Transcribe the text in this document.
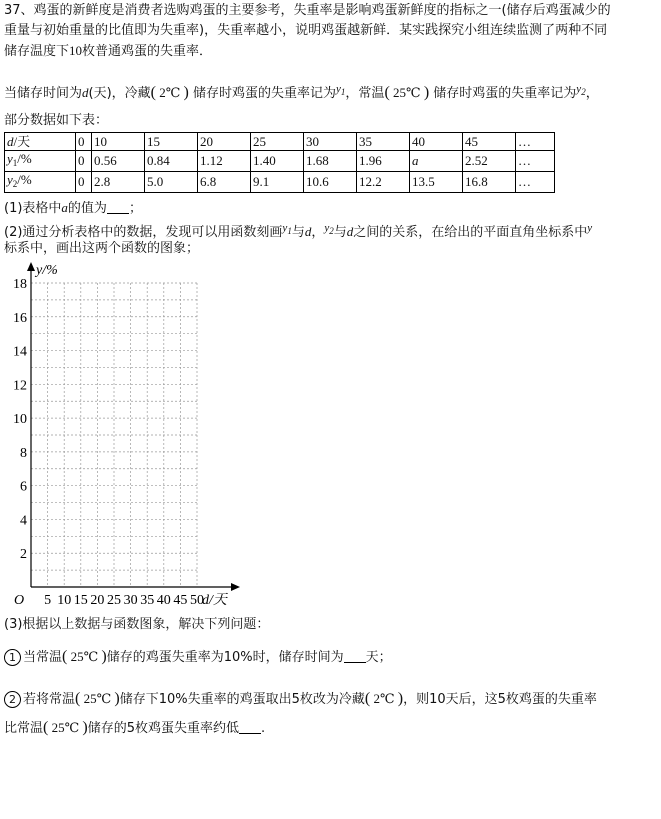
37、鸡蛋的新鲜度是消费者选购鸡蛋的主要参考，失重率是影响鸡蛋新鲜度的指标之一(储存后鸡蛋减少的
重量与初始重量的比值即为失重率)，失重率越小，说明鸡蛋越新鲜．某实践探究小组连续监测了两种不同
储存温度下10枚普通鸡蛋的失重率．
当储存时间为d(天)，冷藏( 2℃ ) 储存时鸡蛋的失重率记为$^{y_1}$，常温( 25℃ ) 储存时鸡蛋的失重率记为$^{y_2}$，
部分数据如下表：
d/天	0	10	15	20	25	30	35	40	45	…
$y_1/\%$	0	0.56	0.84	1.12	1.40	1.68	1.96	a	2.52	…
$y_2/\%$	0	2.8	5.0	6.8	9.1	10.6	12.2	13.5	16.8	…
(1)表格中a的值为 ；
(2)通过分析表格中的数据，发现可以用函数刻画$^{y_1}$与d，$^{y_2}$与d之间的关系，在给出的平面直角坐标系中$^y$
标系中，画出这两个函数的图象；
5 10 15 20 25 30 35 40 45 50
2
4
6
8
10
12
14
16
18
y/%
d/天
O
(3)根据以上数据与函数图象，解决下列问题：
1 当常温( 25℃ )储存的鸡蛋失重率为10%时，储存时间为 天；
2 若将常温( 25℃ )储存下10%失重率的鸡蛋取出5枚改为冷藏( 2℃ )，则10天后，这5枚鸡蛋的失重率
比常温( 25℃ )储存的5枚鸡蛋失重率约低 .
